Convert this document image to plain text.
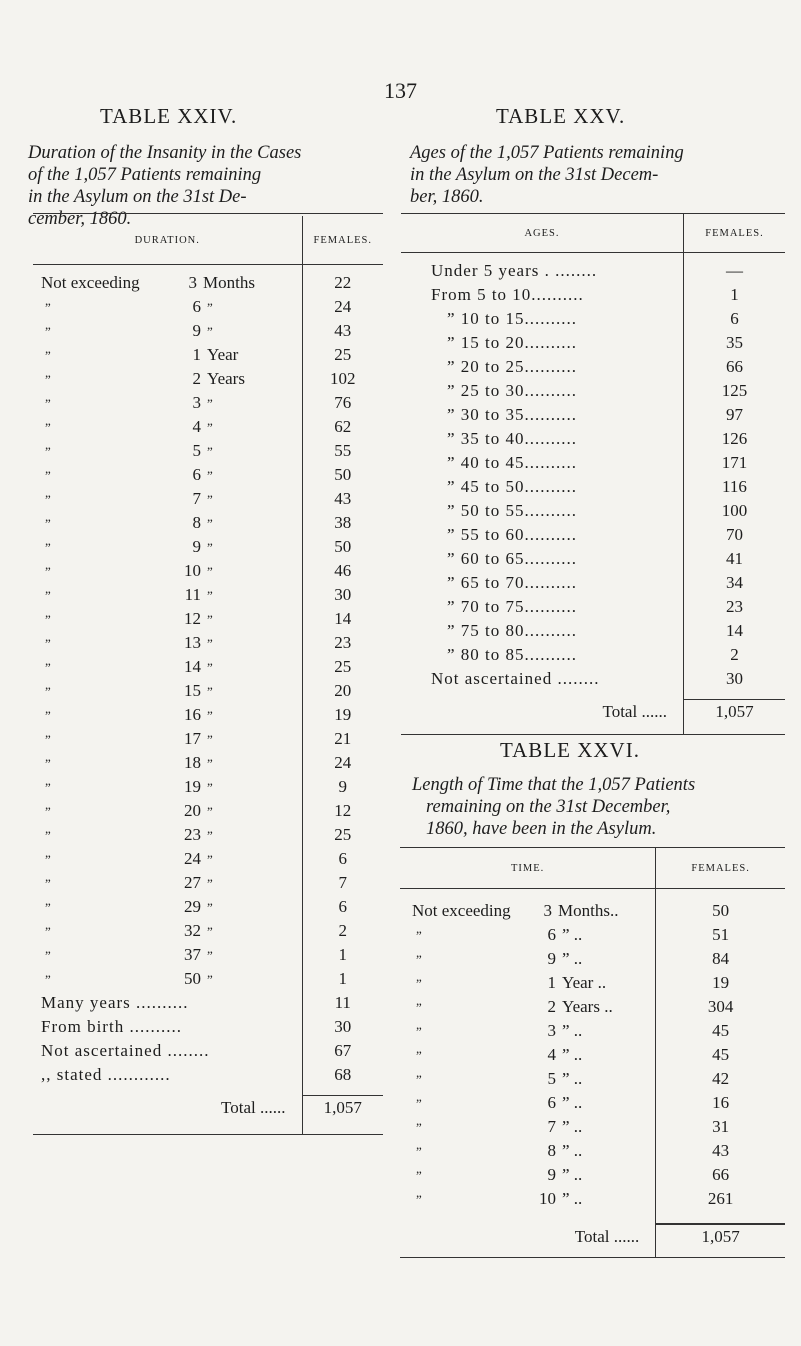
137
TABLE XXIV.	TABLE XXV.
Duration of the Insanity in the Cases
of the 1,057 Patients remaining
in the Asylum on the 31st De-
cember, 1860.
Ages of the 1,057 Patients remaining
in the Asylum on the 31st Decem-
ber, 1860.
DURATION.	FEMALES.

Not exceeding 3 Months	22
” 6 ”	24
” 9 ”	43
” 1 Year	25
” 2 Years	102
” 3 ”	76
” 4 ”	62
” 5 ”	55
” 6 ”	50
” 7 ”	43
” 8 ”	38
” 9 ”	50
” 10 ”	46
” 11 ”	30
” 12 ”	14
” 13 ”	23
” 14 ”	25
” 15 ”	20
” 16 ”	19
” 17 ”	21
” 18 ”	24
” 19 ”	9
” 20 ”	12
” 23 ”	25
” 24 ”	6
” 27 ”	7
” 29 ”	6
” 32 ”	2
” 37 ”	1
” 50 ”	1
Many years ..........	11
From birth ..........	30
Not ascertained ........	67
,, stated ............	68

Total ......	1,057

AGES.	FEMALES.

Under 5 years . ........	—
From 5 to 10..........	1
” 10 to 15..........	6
” 15 to 20..........	35
” 20 to 25..........	66
” 25 to 30..........	125
” 30 to 35..........	97
” 35 to 40..........	126
” 40 to 45..........	171
” 45 to 50..........	116
” 50 to 55..........	100
” 55 to 60..........	70
” 60 to 65..........	41
” 65 to 70..........	34
” 70 to 75..........	23
” 75 to 80..........	14
” 80 to 85..........	2
Not ascertained ........	30

Total ......	1,057

TABLE XXVI.
Length of Time that the 1,057 Patients
remaining on the 31st December,
1860, have been in the Asylum.
TIME.	FEMALES.

Not exceeding 3 Months..	50
” 6 ” ..	51
” 9 ” ..	84
” 1 Year ..	19
” 2 Years ..	304
” 3 ” ..	45
” 4 ” ..	45
” 5 ” ..	42
” 6 ” ..	16
” 7 ” ..	31
” 8 ” ..	43
” 9 ” ..	66
” 10 ” ..	261

Total ......	1,057
